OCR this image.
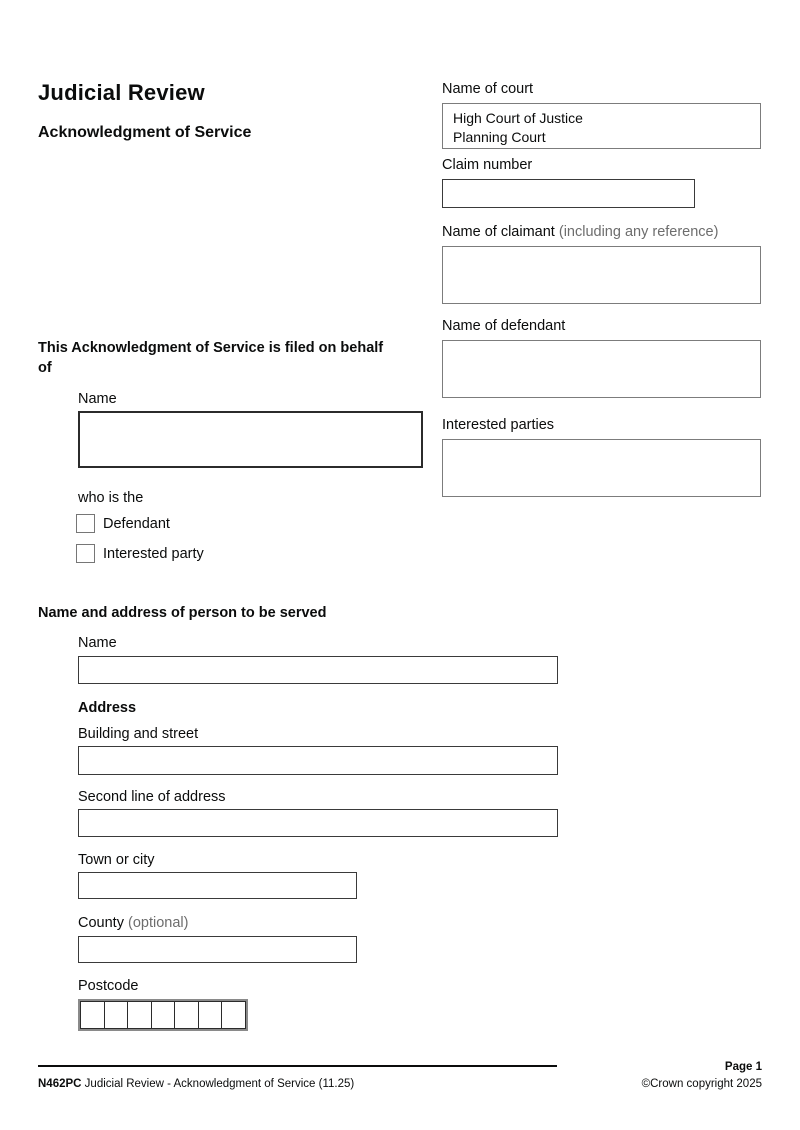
Judicial Review
Acknowledgment of Service
Name of court
High Court of Justice
Planning Court
Claim number
Name of claimant (including any reference)
Name of defendant
Interested parties
This Acknowledgment of Service is filed on behalf of
Name
who is the
Defendant
Interested party
Name and address of person to be served
Name
Address
Building and street
Second line of address
Town or city
County (optional)
Postcode
N462PC Judicial Review - Acknowledgment of Service (11.25)
Page 1
©Crown copyright 2025
